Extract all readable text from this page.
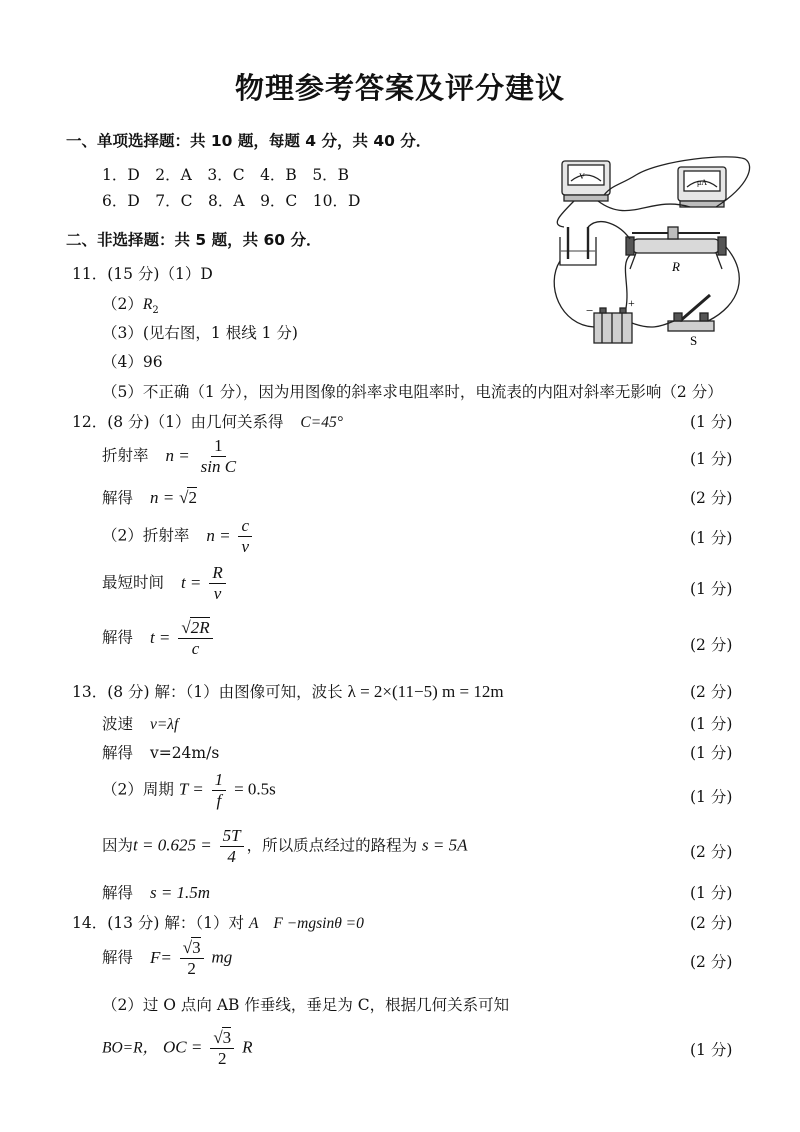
物理参考答案及评分建议
一、单项选择题：共 10 题，每题 4 分，共 40 分．
1．D　2．A　3．C　4．B　5．B
6．D　7．C　8．A　9．C　10．D
二、非选择题：共 5 题，共 60 分．
11．(15 分)（1）D
$(2)R_2$
（3）(见右图，1 根线 1 分)
（4）96
（5）不正确（1 分），因为用图像的斜率求电阻率时，电流表的内阻对斜率无影响（2 分）
V
μA
R
S
−	+
12．(8 分)（1）由几何关系得 C=45°	(1 分)
折射率 $n = \frac{1}{\text{sin C}}$	(1 分)
解得 n = √2	(2 分)
（2）折射率 $n = \frac{c}{v}$	(1 分)
最短时间 $t = \frac{R}{v}$	(1 分)
解得 $t = \frac{√2R}{c}$	(2 分)
13．(8 分) 解：（1）由图像可知，波长 λ = 2×(11−5) m = 12m	(2 分)
波速 v=λf	(1 分)
解得 v=24m/s	(1 分)
（2）周期 $T = \frac{1}{f} = 0.5s$	(1 分)
因为$t = 0.625 = \frac{5T}{4}$ ，所以质点经过的路程为 s = 5A	(2 分)
解得 s = 1.5m	(1 分)
14．(13 分) 解：（1）对 A F −mgsinθ =0	(2 分)
解得 $F= \frac{√3}{2}$ mg	(2 分)
（2）过 O 点向 AB 作垂线，垂足为 C，根据几何关系可知
BO=R， OC = $\frac{√3}{2}$ R	(1 分)
